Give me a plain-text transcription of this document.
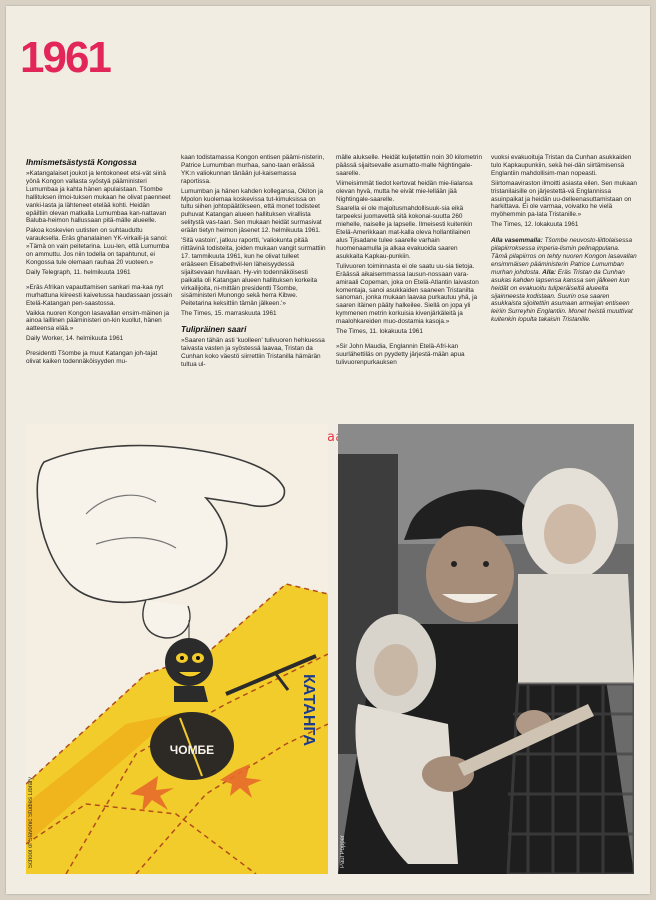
1961
Ihmismetsästystä Kongossa

»Katangalaiset joukot ja lentokoneet etsi-vät siinä yönä Kongon vallasta syöstyä pääministeri Lumumbaa ja kahta hänen apulaistaan. Tšombe hallituksen ilmoi-tuksen mukaan he olivat paenneet vanki-lasta ja lähteneet etelää kohti. Heidän epäiltiin olevan matkalla Lumumbaa kan-nattavan Baluba-heimon hallussaan pitä-mälle alueelle.

Pakoa koskevien uutisten on suhtauduttu varauksella. Eräs ghanalainen YK-virkaili-ja sanoi: »Tämä on vain peitetarina. Luu-len, että Lumumba on ammuttu. Jos niin todella on tapahtunut, ei Kongossa tule olemaan rauhaa 20 vuoteen.»

Daily Telegraph, 11. helmikuuta 1961

»Eräs Afrikan vapauttamisen sankari ma-kaa nyt murhattuna kiireesti kaivetussa haudassaan jossain Etelä-Katangan pen-saastossa.

Vaikka nuoren Kongon lasavallan ensim-mäinen ja ainoa laillinen pääministeri on-kin kuollut, hänen aatteensa elää.»

Daily Worker, 14. helmikuuta 1961

Presidentti Tšombe ja muut Katangan joh-tajat olivat kaiken todennäköisyyden mu-

kaan todistamassa Kongon entisen päämi-nisterin, Patrice Lumumban murhaa, sano-taan eräässä YK:n valiokunnan tänään jul-kaisemassa raportissa.

Lumumban ja hänen kahden kollegansa, Okiton ja Mpolon kuolemaa koskevissa tut-kimuksissa on tultu siihen johtopäätökseen, että monet todisteet puhuvat Katangan alueen hallituksen virallista selitystä vas-taan. Sen mukaan heidät surmasivat erään tietyn heimon jäsenet 12. helmikuuta 1961.

'Sitä vastoin', jatkuu raportti, 'valiokunta pitää riittävinä todisteita, joiden mukaan vangit surmattiin 17. tammikuuta 1961, kun he olivat tulleet erääseen Elisabethvil-len läheisyydessä sijaitsevaan huvilaan. Hy-vin todennäköisesti paikalla oli Katangan alueen hallituksen korkeita virkailijoita, ni-mittäin presidentti Tšombe, sisäministeri Munongo sekä herra Kibwe. Peitetarina keksittiin tämän jälkeen.'»

The Times, 15. marraskuuta 1961

Tulipräinen saari

»Saaren tähän asti 'kuolleen' tulivuoren hehkuessa taivasta vasten ja syöstessä laavaa, Tristan da Cunhan koko väestö siirrettiin Tristanilla hämärän tultua ul-

mälle alukselle. Heidät kuljetettiin noin 30 kilometrin päässä sijaitsevalle asumatto-malle Nightingale-saarelle.

Viimeisimmät tiedot kertovat heidän mie-lialansa olevan hyvä, mutta he eivät mie-lellään jää Nightingale-saarelle.

Saarella ei ole majoitusmahdollisuuk-sia eikä tarpeeksi juomavettä sitä kokonai-suutta 260 miehelle, naiselle ja lapselle. Ilmeisesti kuitenkin Etelä-Amerikkaan mat-kalla oleva hollantilainen alus Tjisadane tulee saarelle varhain huomenaamulla ja alkaa evakuoida saaren asukkaita Kapkau-punkiin.

Tulivuoren toiminnasta ei ole saatu uu-sia tietoja. Eräässä aikaisemmassa lausun-nossaan vara-amiraali Copeman, joka on Etelä-Atlantin laivaston komentaja, sanoi asukkaiden saaneen Tristanilta sanoman, jonka mukaan laavaa purkautuu yhä, ja saaren itäinen pääty halkeilee. Siellä on jopa yli kymmenen metrin korkuisia kivenjärkäleitä ja maalohkareiden muo-dostamia kasoja.»

The Times, 11. lokakuuta 1961

»Sir John Maudia, Englannin Etelä-Afri-kan suurlähettiläs on pyydetty järjestä-mään apua tulivuorenpurkauksen

vuoksi evakuoituja Tristan da Cunhan asukkaiden tulo Kapkaupunkiin, sekä hei-dän siirtämisensä Englantiin mahdollisim-man nopeasti.

Siirtomaaviraston ilmoitti asiasta eilen. Sen mukaan tristanilaisille on järjestettä-vä Englannissa asuinpaikat ja heidän uu-delleenasuttamistaan on harkittava. Ei ole varmaa, voivatko he vielä myöhemmin pa-lata Tristanille.»

The Times, 12. lokakuuta 1961

Alla vasemmalla: Tšombe neuvosto-liittolaisessa pilapiirroksessa imperia-lismin pelinappulana. Tämä pilapiirros on tehty nuoren Kongon lasavallan ensimmäisen pääministerin Patrice Lumumban murhan johdosta. Alla: Eräs Tristan da Cunhan asukas kahden lapsensa kanssa sen jälkeen kun heidät on evakuoitu tuliperäiseltä alueelta sijainneesta kodistaan. Suurin osa saaren asukkaista sijoitettiin asumaan armeijan entiseen leiriin Surreyhin Englantiin. Monet heistä muuttivat kuitenkin lopulta takaisin Tristanille.

ЧОМБЕ
КАТАНГА
School of Slavonic Studies Library	Paul Popper
